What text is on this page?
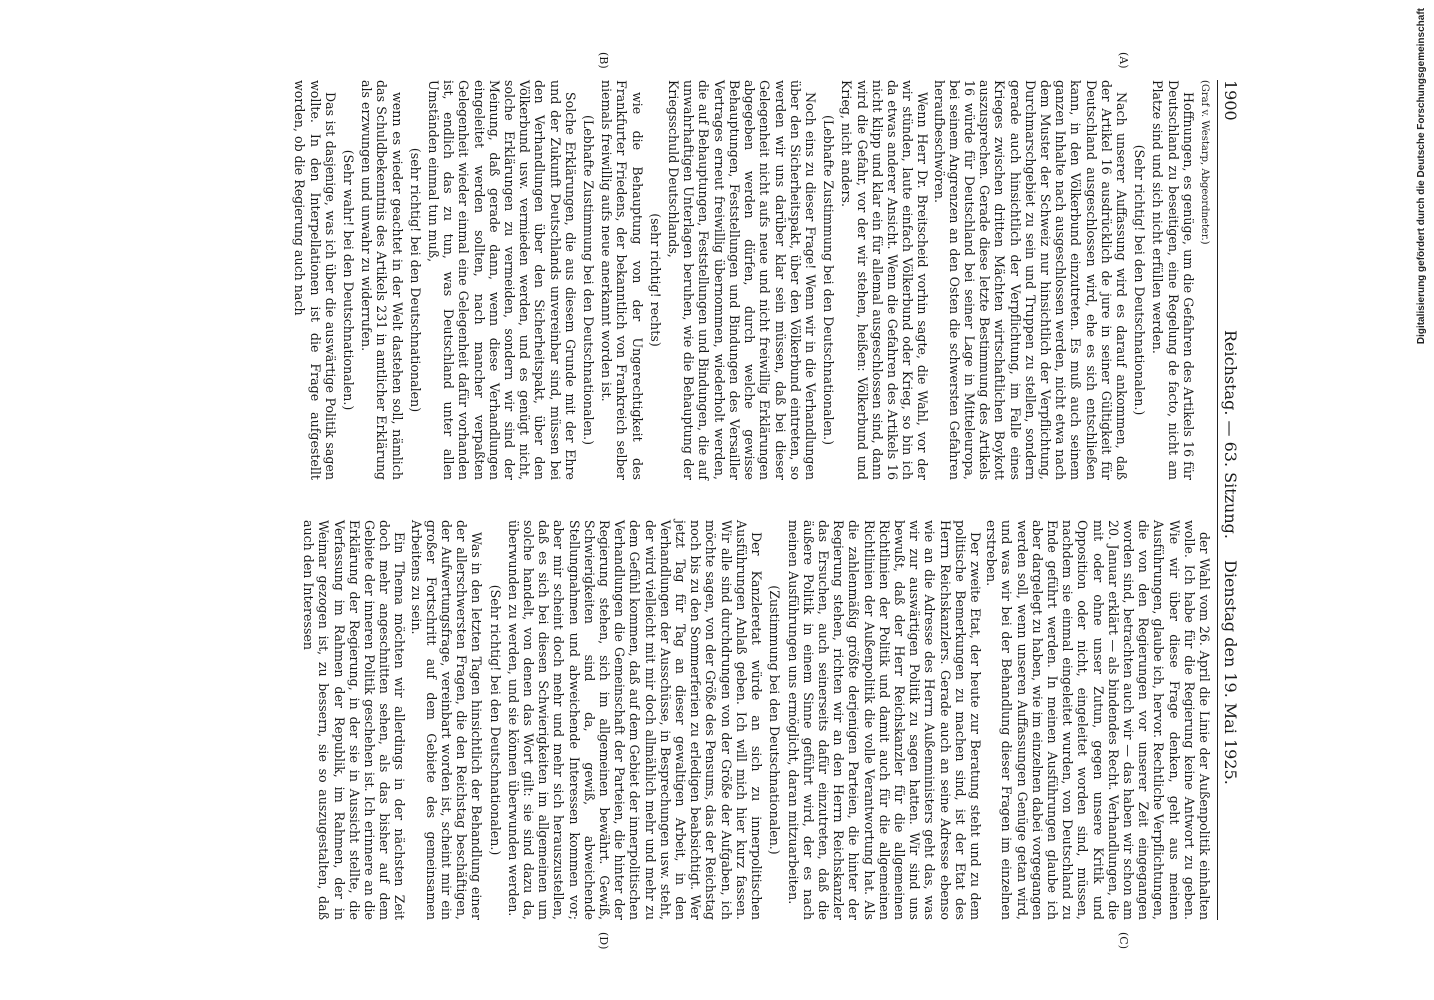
1900
Reichstag. — 63. Sitzung.
Dienstag den 19. Mai 1925.
(A)
(B)
(C)
(D)

(Graf v. Westarp, Abgeordneter.)

Hoffnungen, es genüge, um die Gefahren des Artikels 16 für Deutschland zu beseitigen, eine Regelung de facto, nicht am Platze sind und sich nicht erfüllen werden.

(Sehr richtig! bei den Deutschnationalen.)

Nach unserer Auffassung wird es darauf ankommen, daß der Artikel 16 ausdrücklich de jure in seiner Gültigkeit für Deutschland ausgeschlossen wird, ehe es sich entschließen kann, in den Völkerbund einzutreten. Es muß auch seinem ganzen Inhalte nach ausgeschlossen werden, nicht etwa nach dem Muster der Schweiz nur hinsichtlich der Verpflichtung, Durchmarschgebiet zu sein und Truppen zu stellen, sondern gerade auch hinsichtlich der Verpflichtung, im Falle eines Krieges zwischen dritten Mächten wirtschaftlichen Boykott auszusprechen. Gerade diese letzte Bestimmung des Artikels 16 würde für Deutschland bei seiner Lage in Mitteleuropa, bei seinem Angrenzen an den Osten die schwersten Gefahren heraufbeschwören.

Wenn Herr Dr. Breitscheid vorhin sagte, die Wahl, vor der wir stünden, laute einfach Völkerbund oder Krieg, so bin ich da etwas anderer Ansicht. Wenn die Gefahren des Artikels 16 nicht klipp und klar ein für allemal ausgeschlossen sind, dann wird die Gefahr, vor der wir stehen, heißen: Völkerbund und Krieg, nicht anders.

(Lebhafte Zustimmung bei den Deutschnationalen.)

Noch eins zu dieser Frage! Wenn wir in die Verhandlungen über den Sicherheitspakt, über den Völkerbund eintreten, so werden wir uns darüber klar sein müssen, daß bei dieser Gelegenheit nicht aufs neue und nicht freiwillig Erklärungen abgegeben werden dürfen, durch welche gewisse Behauptungen, Feststellungen und Bindungen des Versailler Vertrages erneut freiwillig übernommen, wiederholt werden, die auf Behauptungen, Feststellungen und Bindungen, die auf unwahrhaftigen Unterlagen beruhen, wie die Behauptung der Kriegsschuld Deutschlands,

(sehr richtig! rechts)

wie die Behauptung von der Ungerechtigkeit des Frankfurter Friedens, der bekanntlich von Frankreich selber niemals freiwillig aufs neue anerkannt worden ist.

(Lebhafte Zustimmung bei den Deutschnationalen.)

Solche Erklärungen, die aus diesem Grunde mit der Ehre und der Zukunft Deutschlands unvereinbar sind, müssen bei den Verhandlungen über den Sicherheitspakt, über den Völkerbund usw. vermieden werden, und es genügt nicht, solche Erklärungen zu vermeiden, sondern wir sind der Meinung, daß gerade dann, wenn diese Verhandlungen eingeleitet werden sollten, nach mancher verpaßten Gelegenheit wieder einmal eine Gelegenheit dafür vorhanden ist, endlich das zu tun, was Deutschland unter allen Umständen einmal tun muß,

(sehr richtig! bei den Deutschnationalen)

wenn es wieder geachtet in der Welt dastehen soll, nämlich das Schuldbekenntnis des Artikels 231 in amtlicher Erklärung als erzwungen und unwahr zu widerrufen.

(Sehr wahr! bei den Deutschnationalen.)

Das ist dasjenige, was ich über die auswärtige Politik sagen wollte. In den Interpellationen ist die Frage aufgestellt worden, ob die Regierung auch nach

der Wahl vom 26. April die Linie der Außenpolitik einhalten wolle. Ich habe für die Regierung keine Antwort zu geben. Wie wir über diese Frage denken, geht aus meinen Ausführungen, glaube ich, hervor. Rechtliche Verpflichtungen, die von den Regierungen vor unserer Zeit eingegangen worden sind, betrachten auch wir — das haben wir schon am 20. Januar erklärt — als bindendes Recht. Verhandlungen, die mit oder ohne unser Zutun, gegen unsere Kritik und Opposition oder nicht, eingeleitet worden sind, müssen, nachdem sie einmal eingeleitet wurden, von Deutschland zu Ende geführt werden. In meinen Ausführungen glaube ich aber dargelegt zu haben, wie im einzelnen dabei vorgegangen werden soll, wenn unseren Auffassungen Genüge getan wird, und was wir bei der Behandlung dieser Fragen im einzelnen erstreben.

Der zweite Etat, der heute zur Beratung steht und zu dem politische Bemerkungen zu machen sind, ist der Etat des Herrn Reichskanzlers. Gerade auch an seine Adresse ebenso wie an die Adresse des Herrn Außenministers geht das, was wir zur auswärtigen Politik zu sagen hatten. Wir sind uns bewußt, daß der Herr Reichskanzler für die allgemeinen Richtlinien der Politik und damit auch für die allgemeinen Richtlinien der Außenpolitik die volle Verantwortung hat. Als die zahlenmäßig größte derjenigen Parteien, die hinter der Regierung stehen, richten wir an den Herrn Reichskanzler das Ersuchen, auch seinerseits dafür einzutreten, daß die äußere Politik in einem Sinne geführt wird, der es nach meinen Ausführungen uns ermöglicht, daran mitzuarbeiten.

(Zustimmung bei den Deutschnationalen.)

Der Kanzleretat würde an sich zu innerpolitischen Ausführungen Anlaß geben. Ich will mich hier kurz fassen. Wir alle sind durchdrungen von der Größe der Aufgaben, ich möchte sagen, von der Größe des Pensums, das der Reichstag noch bis zu den Sommerferien zu erledigen beabsichtigt. Wer jetzt Tag für Tag an dieser gewaltigen Arbeit, in den Verhandlungen der Ausschüsse, in Besprechungen usw. steht, der wird vielleicht mit mir doch allmählich mehr und mehr zu dem Gefühl kommen, daß auf dem Gebiet der innerpolitischen Verhandlungen die Gemeinschaft der Parteien, die hinter der Regierung stehen, sich im allgemeinen bewährt. Gewiß, Schwierigkeiten sind da, gewiß, abweichende Stellungnahmen und abweichende Interessen kommen vor; aber mir scheint doch mehr und mehr sich herauszustellen, daß es sich bei diesen Schwierigkeiten im allgemeinen um solche handelt, von denen das Wort gilt: sie sind dazu da, überwunden zu werden, und sie können überwunden werden.

(Sehr richtig! bei den Deutschnationalen.)

Was in den letzten Tagen hinsichtlich der Behandlung einer der allerschwersten Fragen, die den Reichstag beschäftigen, der Aufwertungsfrage, vereinbart worden ist, scheint mir ein großer Fortschritt auf dem Gebiete des gemeinsamen Arbeitens zu sein.

Ein Thema möchten wir allerdings in der nächsten Zeit doch mehr angeschnitten sehen, als das bisher auf dem Gebiete der inneren Politik geschehen ist. Ich erinnere an die Erklärung der Regierung, in der sie in Aussicht stellte, die Verfassung im Rahmen der Republik, im Rahmen, der in Weimar gezogen ist, zu bessern, sie so auszugestalten, daß auch den Interessen

Digitalisierung gefördert durch die Deutsche Forschungsgemeinschaft
